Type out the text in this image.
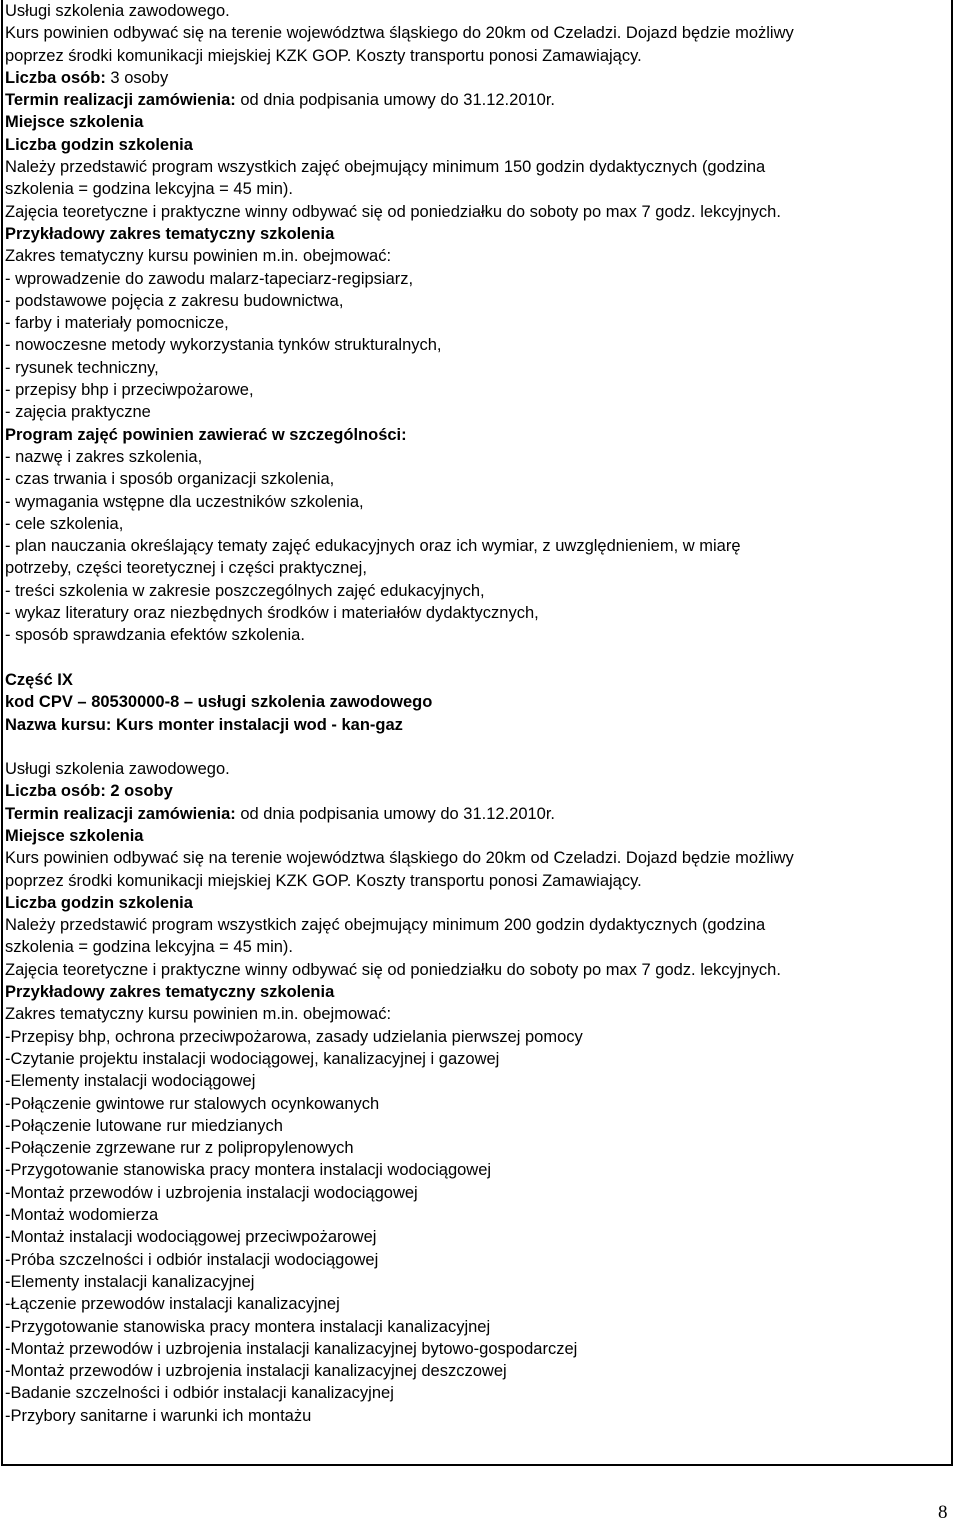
Usługi szkolenia zawodowego.
Kurs powinien odbywać się na terenie województwa śląskiego do 20km od Czeladzi. Dojazd będzie możliwy
poprzez środki komunikacji miejskiej KZK GOP. Koszty transportu ponosi Zamawiający.
Liczba osób: 3 osoby
Termin realizacji zamówienia: od dnia podpisania umowy do 31.12.2010r.
Miejsce szkolenia
Liczba godzin szkolenia
Należy przedstawić program wszystkich zajęć obejmujący minimum 150 godzin dydaktycznych (godzina
szkolenia = godzina lekcyjna = 45 min).
Zajęcia teoretyczne i praktyczne winny odbywać się od poniedziałku do soboty po max 7 godz. lekcyjnych.
Przykładowy zakres tematyczny szkolenia
Zakres tematyczny kursu powinien m.in. obejmować:
- wprowadzenie do zawodu malarz-tapeciarz-regipsiarz,
- podstawowe pojęcia z zakresu budownictwa,
- farby i materiały pomocnicze,
- nowoczesne metody wykorzystania tynków strukturalnych,
- rysunek techniczny,
- przepisy bhp i przeciwpożarowe,
- zajęcia praktyczne
Program zajęć powinien zawierać w szczególności:
- nazwę i zakres szkolenia,
- czas trwania i sposób organizacji szkolenia,
- wymagania wstępne dla uczestników szkolenia,
- cele szkolenia,
- plan nauczania określający tematy zajęć edukacyjnych oraz ich wymiar, z uwzględnieniem, w miarę
potrzeby, części teoretycznej i części praktycznej,
- treści szkolenia w zakresie poszczególnych zajęć edukacyjnych,
- wykaz literatury oraz niezbędnych środków i materiałów dydaktycznych,
- sposób sprawdzania efektów szkolenia.
Część IX
kod CPV – 80530000-8 – usługi szkolenia zawodowego
Nazwa kursu: Kurs monter instalacji wod - kan-gaz
Usługi szkolenia zawodowego.
Liczba osób: 2 osoby
Termin realizacji zamówienia: od dnia podpisania umowy do 31.12.2010r.
Miejsce szkolenia
Kurs powinien odbywać się na terenie województwa śląskiego do 20km od Czeladzi. Dojazd będzie możliwy
poprzez środki komunikacji miejskiej KZK GOP. Koszty transportu ponosi Zamawiający.
Liczba godzin szkolenia
Należy przedstawić program wszystkich zajęć obejmujący minimum 200 godzin dydaktycznych (godzina
szkolenia = godzina lekcyjna = 45 min).
Zajęcia teoretyczne i praktyczne winny odbywać się od poniedziałku do soboty po max 7 godz. lekcyjnych.
Przykładowy zakres tematyczny szkolenia
Zakres tematyczny kursu powinien m.in. obejmować:
-Przepisy bhp, ochrona przeciwpożarowa, zasady udzielania pierwszej pomocy
-Czytanie projektu instalacji wodociągowej, kanalizacyjnej i gazowej
-Elementy instalacji wodociągowej
-Połączenie gwintowe rur stalowych ocynkowanych
-Połączenie lutowane rur miedzianych
-Połączenie zgrzewane rur z polipropylenowych
-Przygotowanie stanowiska pracy montera instalacji wodociągowej
-Montaż przewodów i uzbrojenia instalacji wodociągowej
-Montaż wodomierza
-Montaż instalacji wodociągowej przeciwpożarowej
-Próba szczelności i odbiór instalacji wodociągowej
-Elementy instalacji kanalizacyjnej
-Łączenie przewodów instalacji kanalizacyjnej
-Przygotowanie stanowiska pracy montera instalacji kanalizacyjnej
-Montaż przewodów i uzbrojenia instalacji kanalizacyjnej bytowo-gospodarczej
-Montaż przewodów i uzbrojenia instalacji kanalizacyjnej deszczowej
-Badanie szczelności i odbiór instalacji kanalizacyjnej
-Przybory sanitarne i warunki ich montażu
8
